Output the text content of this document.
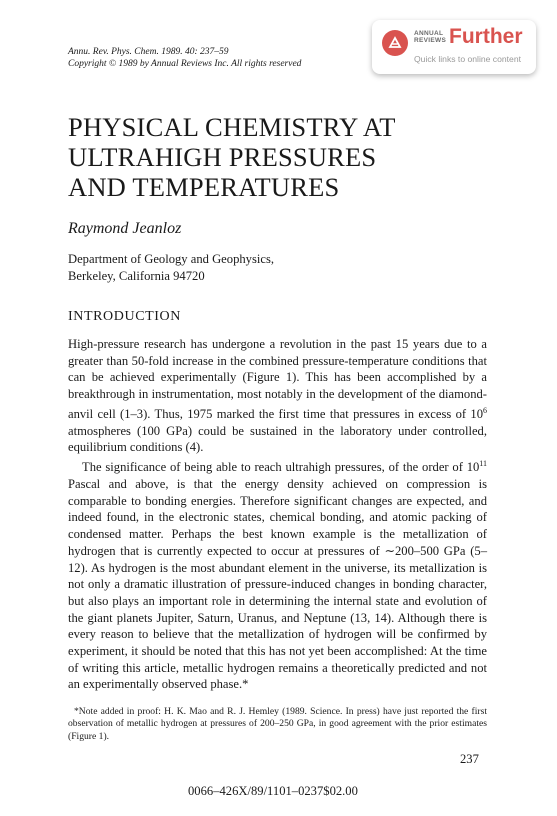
Annu. Rev. Phys. Chem. 1989. 40: 237–59
Copyright © 1989 by Annual Reviews Inc. All rights reserved
ANNUAL REVIEWS Further
Quick links to online content
PHYSICAL CHEMISTRY AT
ULTRAHIGH PRESSURES
AND TEMPERATURES
Raymond Jeanloz
Department of Geology and Geophysics,
Berkeley, California 94720
INTRODUCTION

High-pressure research has undergone a revolution in the past 15 years due to a greater than 50-fold increase in the combined pressure-temperature conditions that can be achieved experimentally (Figure 1). This has been accomplished by a breakthrough in instrumentation, most notably in the development of the diamond-anvil cell (1–3). Thus, 1975 marked the first time that pressures in excess of $10^6$ atmospheres (100 GPa) could be sustained in the laboratory under controlled, equilibrium conditions (4).

The significance of being able to reach ultrahigh pressures, of the order of $10^{11}$ Pascal and above, is that the energy density achieved on compression is comparable to bonding energies. Therefore significant changes are expected, and indeed found, in the electronic states, chemical bonding, and atomic packing of condensed matter. Perhaps the best known example is the metallization of hydrogen that is currently expected to occur at pressures of ∼200–500 GPa (5–12). As hydrogen is the most abundant element in the universe, its metallization is not only a dramatic illustration of pressure-induced changes in bonding character, but also plays an important role in determining the internal state and evolution of the giant planets Jupiter, Saturn, Uranus, and Neptune (13, 14). Although there is every reason to believe that the metallization of hydrogen will be confirmed by experiment, it should be noted that this has not yet been accomplished: At the time of writing this article, metallic hydrogen remains a theoretically predicted and not an experimentally observed phase.*

*Note added in proof: H. K. Mao and R. J. Hemley (1989. Science. In press) have just reported the first observation of metallic hydrogen at pressures of 200–250 GPa, in good agreement with the prior estimates (Figure 1).

237
0066–426X/89/1101–0237$02.00
